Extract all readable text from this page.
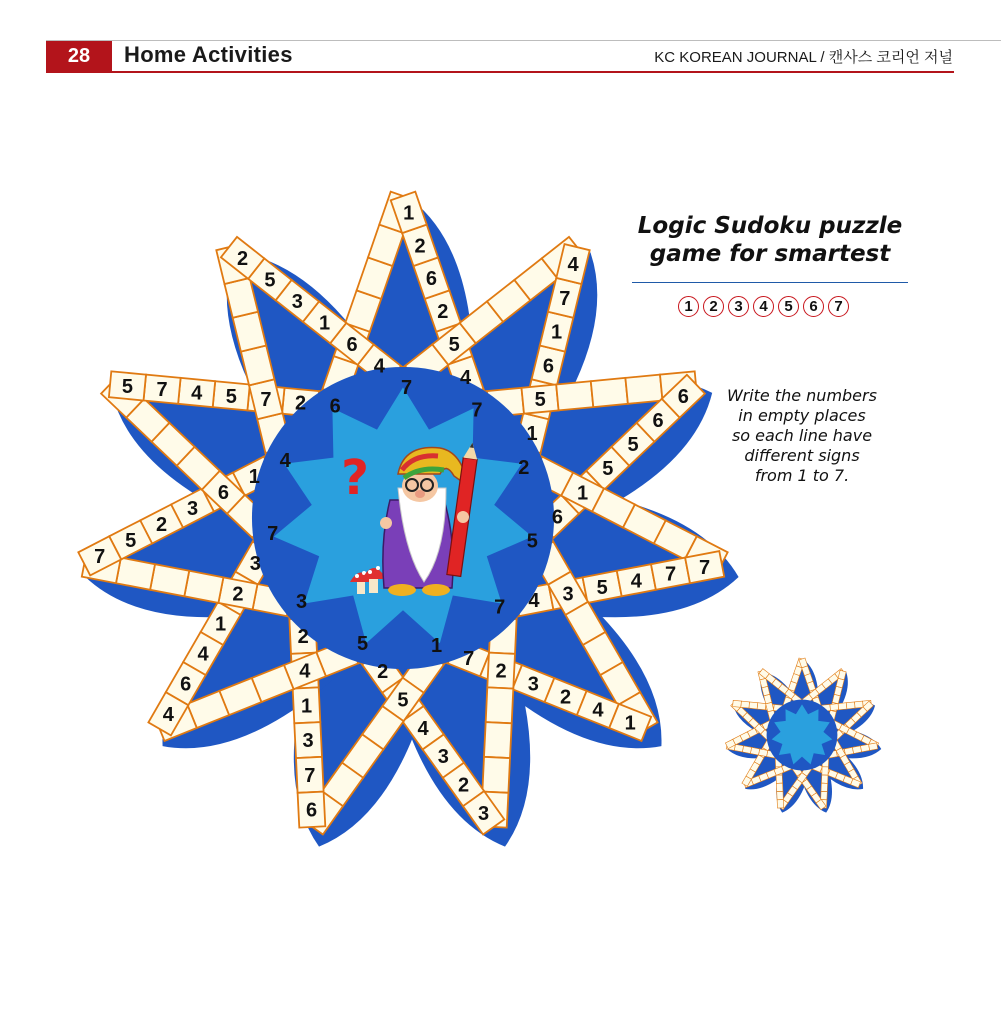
28	Home Activities	KC KOREAN JOURNAL / 캔사스 코리언 저널
?
7
4
5
2
6
2
1
2
1
5
6
1
7
4
5
6
1
5
5
6
6
7 4 3 5 4 7 7
1
7
2
3
2
4
1
5
2
5
4
3
2
3
3
2
4
1
3
7
6
7
3
2
1
4
6
4
4
1
6
3
2
5
7
6
2
7
5
4
7
5	7
4
6
1
3
5
2
Logic Sudoku puzzle
game for smartest
1	2	3	4	5	6	7
Write the numbers
in empty places
so each line have
different signs
from 1 to 7.
